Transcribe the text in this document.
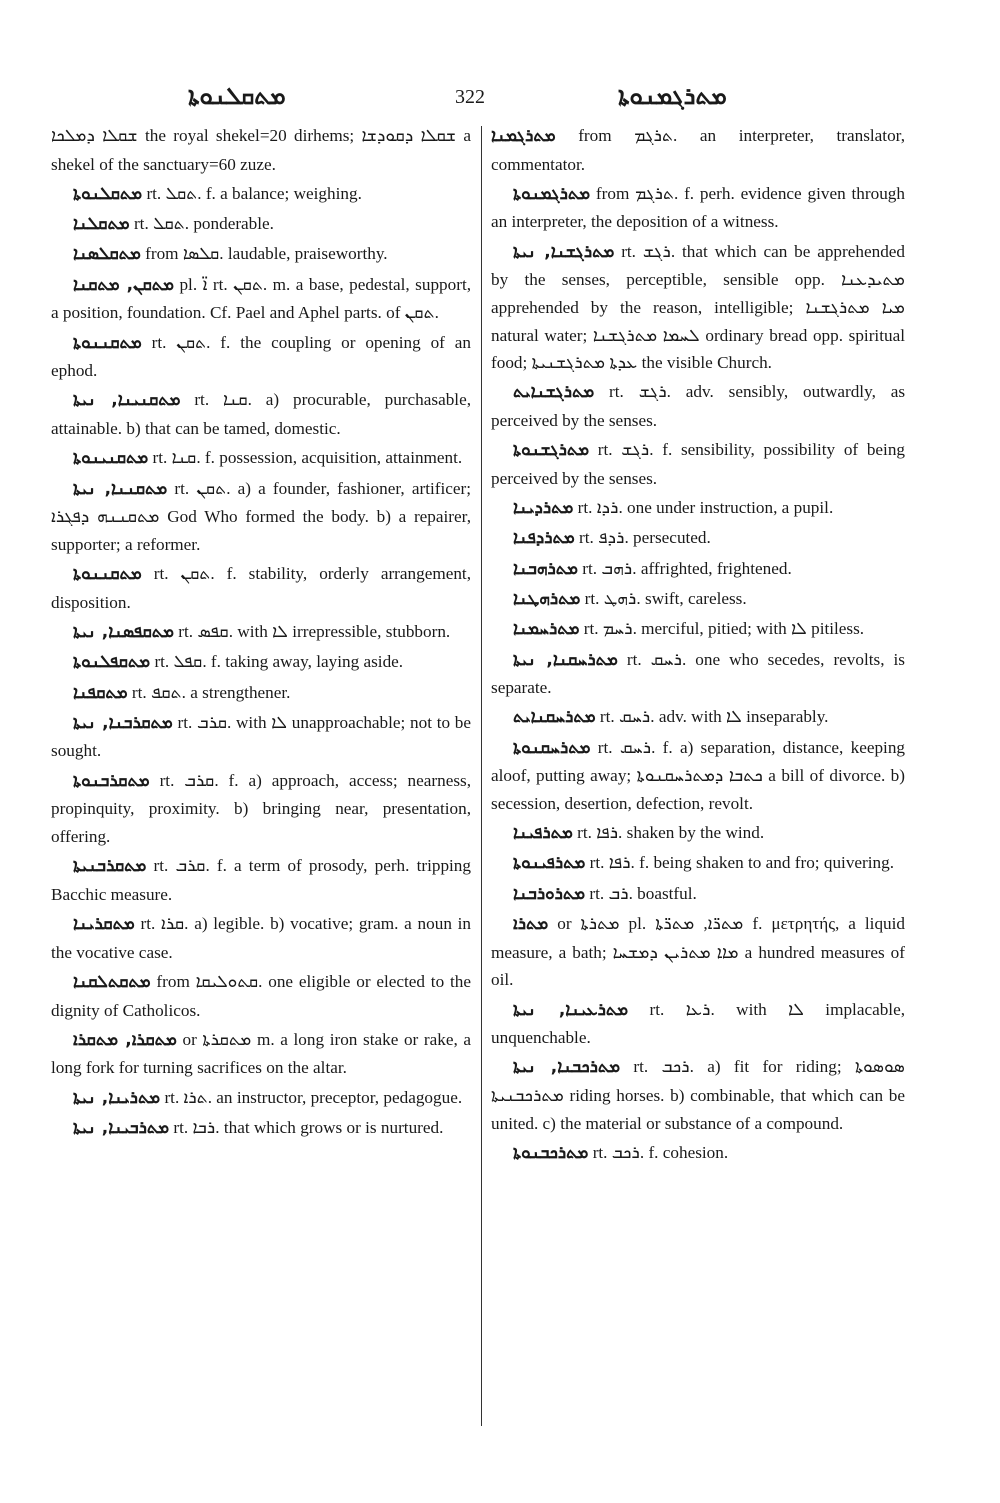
ܡܬܩܠܢܘܬܐ	322	ܡܬܪܓܡܢܘܬܐ

ܫܩܠܐ ܕܡܠܟܐ the royal shekel=20 dirhems; ܫܩܠܐ ܕܩܘܕܫܐ a shekel of the sanctuary=60 zuze.

ܡܬܩܠܢܘܬܐ rt. ܬܩܠ. f. a balance; weighing.

ܡܬܩܠܢܐ rt. ܬܩܠ. ponderable.

ܡܬܩܠܣܢܐ from ܩܠܣܐ. laudable, praiseworthy.

ܡܬܩܢ, ܡܬܩܢܐ pl. ܐ̈ rt. ܬܩܢ. m. a base, pedestal, support, a position, foundation. Cf. Pael and Aphel parts. of ܬܩܢ.

ܡܬܩܢܢܘܬܐ rt. ܬܩܢ. f. the coupling or opening of an ephod.

ܡܬܩܢܝܢܐ, ܢܝܬܐ rt. ܩܢܐ. a) procurable, purchasable, attainable. b) that can be tamed, domestic.

ܡܬܩܢܝܢܘܬܐ rt. ܩܢܐ. f. possession, acquisition, attainment.

ܡܬܩܢܢܐ, ܢܝܬܐ rt. ܬܩܢ. a) a founder, fashioner, artificer; ܡܬܩܢܢܗ ܕܦܓܪܐ God Who formed the body. b) a repairer, supporter; a reformer.

ܡܬܩܢܢܘܬܐ rt. ܬܩܢ. f. stability, orderly arrangement, disposition.

ܡܬܩܦܣܢܐ, ܢܝܬܐ rt. ܩܦܣ. with ܠܐ irrepressible, stubborn.

ܡܬܩܦܠܢܘܬܐ rt. ܩܦܠ. f. taking away, laying aside.

ܡܬܩܦܢܐ rt. ܬܩܦ. a strengthener.

ܡܬܩܪܒܢܐ, ܢܝܬܐ rt. ܩܪܒ. with ܠܐ unapproachable; not to be sought.

ܡܬܩܪܒܢܘܬܐ rt. ܩܪܒ. f. a) approach, access; nearness, propinquity, proximity. b) bringing near, presentation, offering.

ܡܬܩܪܒܢܝܬܐ rt. ܩܪܒ. f. a term of prosody, perh. tripping Bacchic measure.

ܡܬܩܪܝܢܐ rt. ܩܪܐ. a) legible. b) vocative; gram. a noun in the vocative case.

ܡܬܩܬܠܩܢܐ from ܩܬܘܠܝܩܐ. one eligible or elected to the dignity of Catholicos.

ܡܬܩܪܐ, ܡܬܩܪܐ or ܡܬܩܪܬܐ m. a long iron stake or rake, a long fork for turning sacrifices on the altar.

ܡܬܪܝܢܐ, ܢܝܬܐ rt. ܬܪܐ. an instructor, preceptor, pedagogue.

ܡܬܪܒܝܢܐ, ܢܝܬܐ rt. ܪܒܐ. that which grows or is nurtured.

ܡܬܪܓܡܢܐ from ܬܪܓܡ. an interpreter, translator, commentator.

ܡܬܪܓܡܢܘܬܐ from ܬܪܓܡ. f. perh. evidence given through an interpreter, the deposition of a witness.

ܡܬܪܓܫܢܐ, ܢܝܬܐ rt. ܪܓܫ. that which can be apprehended by the senses, perceptible, sensible opp. ܡܬܝܕܥܢܐ apprehended by the reason, intelligible; ܡܝܐ ܡܬܪܓܫܢܐ natural water; ܠܚܡܐ ܡܬܪܓܫܢܐ ordinary bread opp. spiritual food; ܥܕܬܐ ܡܬܪܓܫܢܝܬܐ the visible Church.

ܡܬܪܓܫܢܐܝܬ rt. ܪܓܫ. adv. sensibly, outwardly, as perceived by the senses.

ܡܬܪܓܫܢܘܬܐ rt. ܪܓܫ. f. sensibility, possibility of being perceived by the senses.

ܡܬܪܕܝܢܐ rt. ܪܕܐ. one under instruction, a pupil.

ܡܬܪܕܦܢܐ rt. ܪܕܦ. persecuted.

ܡܬܪܗܒܢܐ rt. ܪܗܒ. affrighted, frightened.

ܡܬܪܗܛܢܐ rt. ܪܗܛ. swift, careless.

ܡܬܪܚܡܢܐ rt. ܪܚܡ. merciful, pitied; with ܠܐ pitiless.

ܡܬܪܚܩܢܐ, ܢܝܬܐ rt. ܪܚܩ. one who secedes, revolts, is separate.

ܡܬܪܚܩܢܐܝܬ rt. ܪܚܩ. adv. with ܠܐ inseparably.

ܡܬܪܚܩܢܘܬܐ rt. ܪܚܩ. f. a) separation, distance, keeping aloof, putting away; ܟܬܒܐ ܕܡܬܪܚܩܢܘܬܐ a bill of divorce. b) secession, desertion, defection, revolt.

ܡܬܪܦܝܢܐ rt. ܪܦܐ. shaken by the wind.

ܡܬܪܦܝܢܘܬܐ rt. ܪܦܐ. f. being shaken to and fro; quivering.

ܡܬܪܘܪܒܢܐ rt. ܪܒ. boastful.

ܡܬܪܐ or ܡܬܪܬܐ pl. ܡܬܪ̈ܐ, ܡܬܪ̈ܬܐ f. μετρητής, a liquid measure, a bath; ܡܐܐ ܡܬܪܝܢ ܕܡܫܚܐ a hundred measures of oil.

ܡܬܪܥܝܢܐ, ܢܝܬܐ rt. ܪܥܐ. with ܠܐ implacable, unquenchable.

ܡܬܪܟܒܢܐ, ܢܝܬܐ rt. ܪܟܒ. a) fit for riding; ܣܘܣܘܬܐ ܡܬܪܟܒܢܝܬܐ riding horses. b) combinable, that which can be united. c) the material or substance of a compound.

ܡܬܪܟܒܢܘܬܐ rt. ܪܟܒ. f. cohesion.
